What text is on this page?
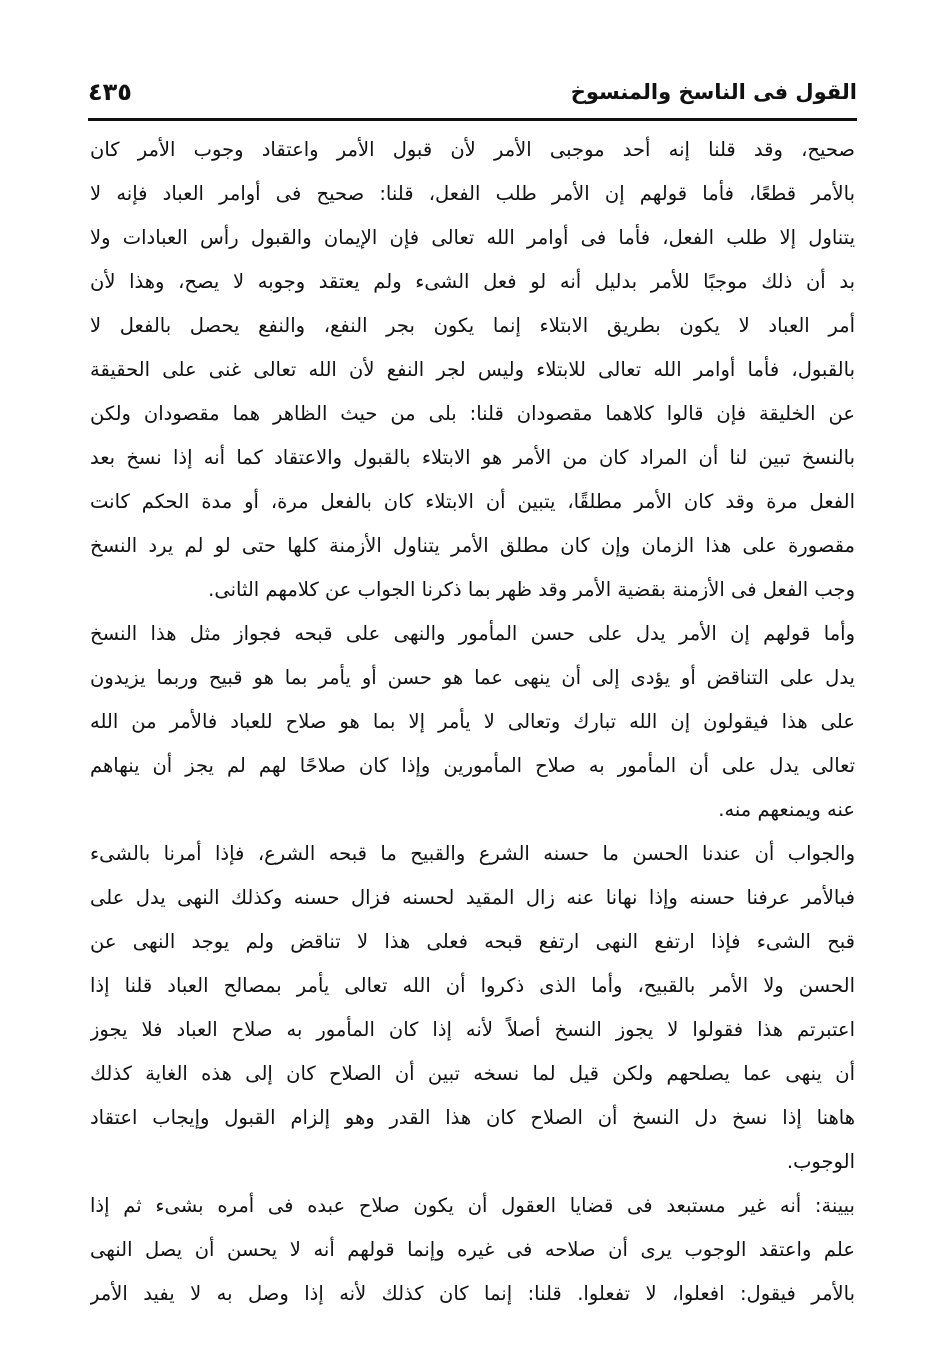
القول فى الناسخ والمنسوخ
٤٣٥
صحيح، وقد قلنا إنه أحد موجبى الأمر لأن قبول الأمر واعتقاد وجوب الأمر كان
بالأمر قطعًا، فأما قولهم إن الأمر طلب الفعل، قلنا: صحيح فى أوامر العباد فإنه لا
يتناول إلا طلب الفعل، فأما فى أوامر الله تعالى فإن الإيمان والقبول رأس العبادات ولا
بد أن ذلك موجبًا للأمر بدليل أنه لو فعل الشىء ولم يعتقد وجوبه لا يصح، وهذا لأن
أمر العباد لا يكون بطريق الابتلاء إنما يكون بجر النفع، والنفع يحصل بالفعل لا
بالقبول، فأما أوامر الله تعالى للابتلاء وليس لجر النفع لأن الله تعالى غنى على الحقيقة
عن الخليقة فإن قالوا كلاهما مقصودان قلنا: بلى من حيث الظاهر هما مقصودان ولكن
بالنسخ تبين لنا أن المراد كان من الأمر هو الابتلاء بالقبول والاعتقاد كما أنه إذا نسخ بعد
الفعل مرة وقد كان الأمر مطلقًا، يتبين أن الابتلاء كان بالفعل مرة، أو مدة الحكم كانت
مقصورة على هذا الزمان وإن كان مطلق الأمر يتناول الأزمنة كلها حتى لو لم يرد النسخ
وجب الفعل فى الأزمنة بقضية الأمر وقد ظهر بما ذكرنا الجواب عن كلامهم الثانى.
وأما قولهم إن الأمر يدل على حسن المأمور والنهى على قبحه فجواز مثل هذا النسخ
يدل على التناقض أو يؤدى إلى أن ينهى عما هو حسن أو يأمر بما هو قبيح وربما يزيدون
على هذا فيقولون إن الله تبارك وتعالى لا يأمر إلا بما هو صلاح للعباد فالأمر من الله
تعالى يدل على أن المأمور به صلاح المأمورين وإذا كان صلاحًا لهم لم يجز أن ينهاهم
عنه ويمنعهم منه.
والجواب أن عندنا الحسن ما حسنه الشرع والقبيح ما قبحه الشرع، فإذا أمرنا بالشىء
فبالأمر عرفنا حسنه وإذا نهانا عنه زال المقيد لحسنه فزال حسنه وكذلك النهى يدل على
قبح الشىء فإذا ارتفع النهى ارتفع قبحه فعلى هذا لا تناقض ولم يوجد النهى عن
الحسن ولا الأمر بالقبيح، وأما الذى ذكروا أن الله تعالى يأمر بمصالح العباد قلنا إذا
اعتبرتم هذا فقولوا لا يجوز النسخ أصلاً لأنه إذا كان المأمور به صلاح العباد فلا يجوز
أن ينهى عما يصلحهم ولكن قيل لما نسخه تبين أن الصلاح كان إلى هذه الغاية كذلك
هاهنا إذا نسخ دل النسخ أن الصلاح كان هذا القدر وهو إلزام القبول وإيجاب اعتقاد
الوجوب.
بيينة: أنه غير مستبعد فى قضايا العقول أن يكون صلاح عبده فى أمره بشىء ثم إذا
علم واعتقد الوجوب يرى أن صلاحه فى غيره وإنما قولهم أنه لا يحسن أن يصل النهى
بالأمر فيقول: افعلوا، لا تفعلوا. قلنا: إنما كان كذلك لأنه إذا وصل به لا يفيد الأمر
